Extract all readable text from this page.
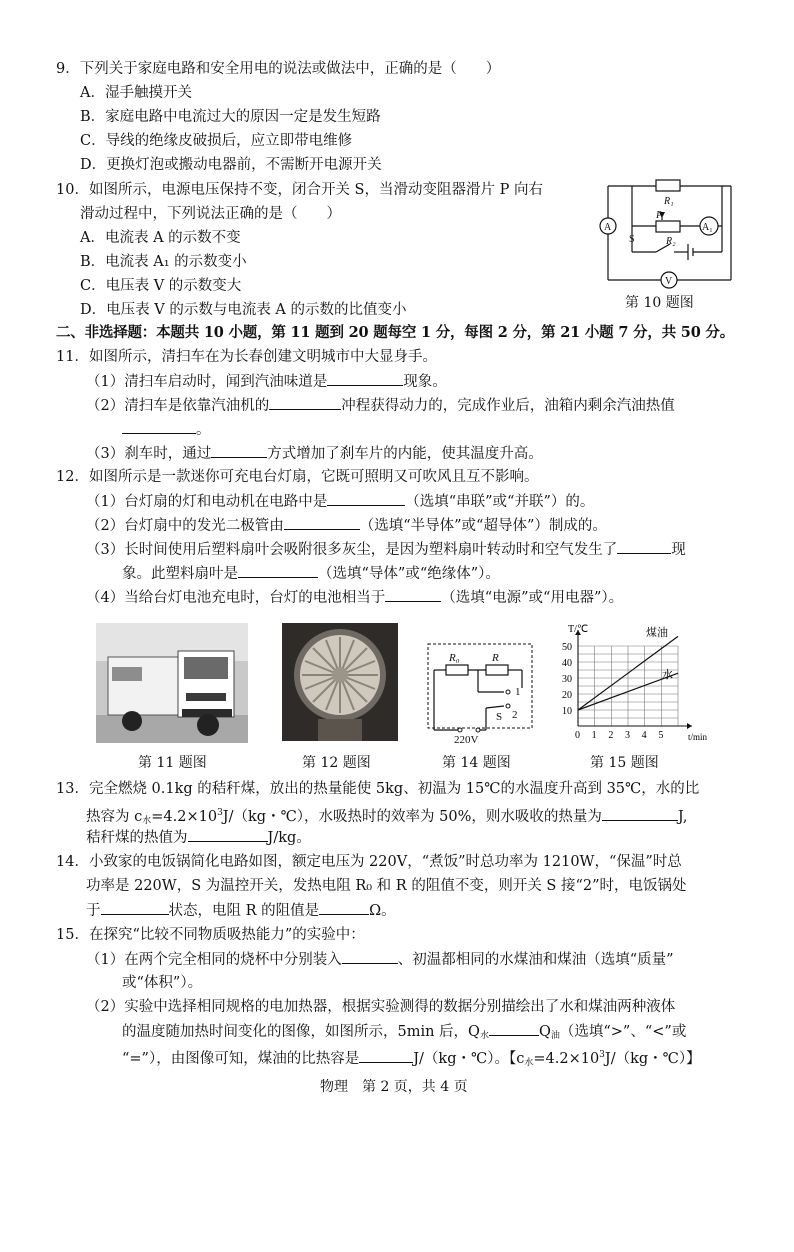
9．下列关于家庭电路和安全用电的说法或做法中，正确的是（　　）
A．湿手触摸开关
B．家庭电路中电流过大的原因一定是发生短路
C．导线的绝缘皮破损后，应立即带电维修
D．更换灯泡或搬动电器前，不需断开电源开关
10．如图所示，电源电压保持不变，闭合开关 S，当滑动变阻器滑片 P 向右
滑动过程中，下列说法正确的是（　　）
A．电流表 A 的示数不变
B．电流表 A₁ 的示数变小
C．电压表 V 的示数变大
D．电压表 V 的示数与电流表 A 的示数的比值变小
A	A₁
V
R₁
R₂
P
S
第 10 题图
二、非选择题：本题共 10 小题，第 11 题到 20 题每空 1 分，每图 2 分，第 21 小题 7 分，共 50 分。
11．如图所示，清扫车在为长春创建文明城市中大显身手。
（1）清扫车启动时，闻到汽油味道是	现象。
（2）清扫车是依靠汽油机的	冲程获得动力的，完成作业后，油箱内剩余汽油热值
。
（3）刹车时，通过	方式增加了刹车片的内能，使其温度升高。
12．如图所示是一款迷你可充电台灯扇，它既可照明又可吹风且互不影响。
（1）台灯扇的灯和电动机在电路中是	（选填“串联”或“并联”）的。
（2）台灯扇中的发光二极管由	（选填“半导体”或“超导体”）制成的。
（3）长时间使用后塑料扇叶会吸附很多灰尘，是因为塑料扇叶转动时和空气发生了	现
象。此塑料扇叶是	（选填“导体”或“绝缘体”）。
（4）当给台灯电池充电时，台灯的电池相当于	（选填“电源”或“用电器”）。
R₀	R
1
S 2
220V	0 1 2 3 4 5
10
20
30
40
50
T/℃
t/min
煤油
水
第 11 题图	第 12 题图	第 14 题图	第 15 题图
13．完全燃烧 0.1kg 的秸秆煤，放出的热量能使 5kg、初温为 15℃的水温度升高到 35℃，水的比
热容为 $c_水=4.2\times 10^3J/(kg$・℃），水吸热时的效率为 50%，则水吸收的热量为	J,
秸秆煤的热值为	J/kg。
14．小致家的电饭锅简化电路如图，额定电压为 220V，“煮饭”时总功率为 1210W，“保温”时总
功率是 220W，S 为温控开关，发热电阻 R₀ 和 R 的阻值不变，则开关 S 接“2”时，电饭锅处
于	状态，电阻 R 的阻值是	Ω。
15．在探究“比较不同物质吸热能力”的实验中：
（1）在两个完全相同的烧杯中分别装入	、初温都相同的水煤油和煤油（选填“质量”
或“体积”）。
（2）实验中选择相同规格的电加热器，根据实验测得的数据分别描绘出了水和煤油两种液体
的温度随加热时间变化的图像，如图所示，5min 后，$Q_水$	$Q_油$（选填“>”、“<”或
“=”），由图像可知，煤油的比热容是	J/（kg・℃）。【$c_水=4.2\times 10^3J/(kg$・℃）】
物理　第 2 页，共 4 页
